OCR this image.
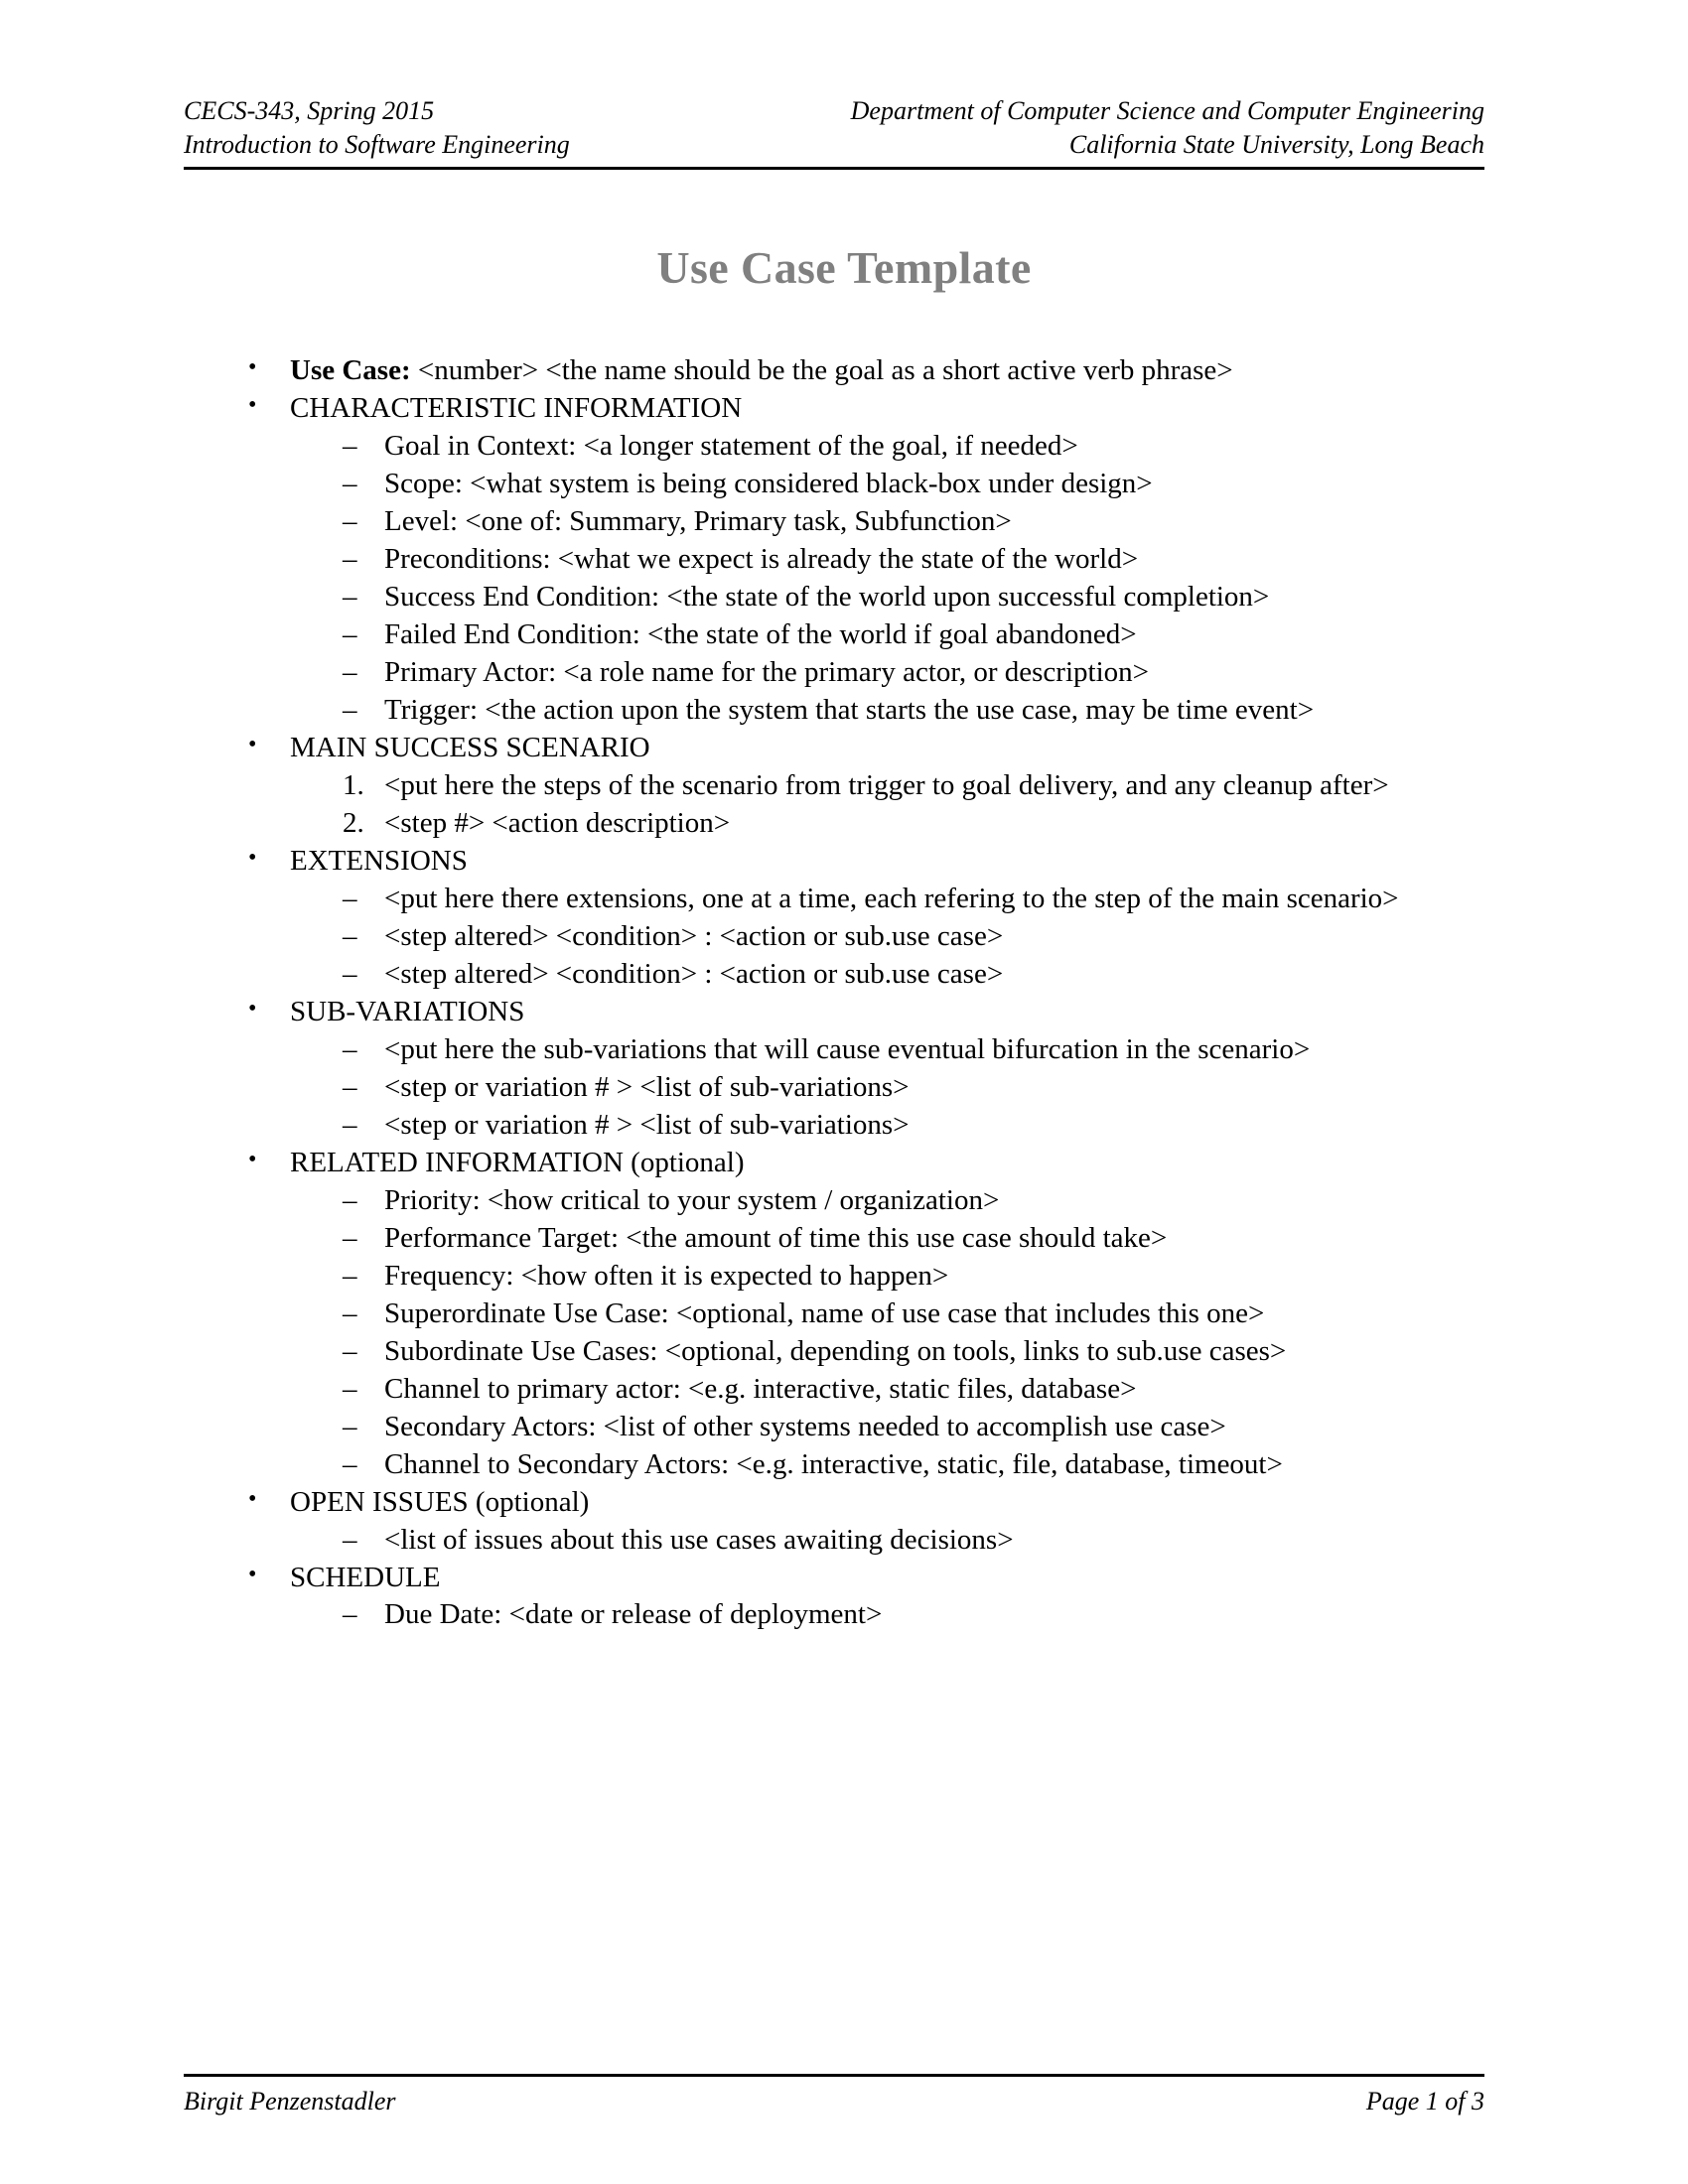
CECS-343, Spring 2015	Department of Computer Science and Computer Engineering
Introduction to Software Engineering	California State University, Long Beach
Use Case Template
•	Use Case: <number> <the name should be the goal as a short active verb phrase>
•	CHARACTERISTIC INFORMATION
– Goal in Context: <a longer statement of the goal, if needed>
– Scope: <what system is being considered black-box under design>
– Level: <one of: Summary, Primary task, Subfunction>
– Preconditions: <what we expect is already the state of the world>
– Success End Condition: <the state of the world upon successful completion>
– Failed End Condition: <the state of the world if goal abandoned>
– Primary Actor: <a role name for the primary actor, or description>
– Trigger: <the action upon the system that starts the use case, may be time event>
•	MAIN SUCCESS SCENARIO
1. <put here the steps of the scenario from trigger to goal delivery, and any cleanup after>
2. <step #> <action description>
•	EXTENSIONS
– <put here there extensions, one at a time, each refering to the step of the main scenario>
– <step altered> <condition> : <action or sub.use case>
– <step altered> <condition> : <action or sub.use case>
•	SUB-VARIATIONS
– <put here the sub-variations that will cause eventual bifurcation in the scenario>
– <step or variation # > <list of sub-variations>
– <step or variation # > <list of sub-variations>
•	RELATED INFORMATION (optional)
– Priority: <how critical to your system / organization>
– Performance Target: <the amount of time this use case should take>
– Frequency: <how often it is expected to happen>
– Superordinate Use Case: <optional, name of use case that includes this one>
– Subordinate Use Cases: <optional, depending on tools, links to sub.use cases>
– Channel to primary actor: <e.g. interactive, static files, database>
– Secondary Actors: <list of other systems needed to accomplish use case>
– Channel to Secondary Actors: <e.g. interactive, static, file, database, timeout>
•	OPEN ISSUES (optional)
– <list of issues about this use cases awaiting decisions>
•	SCHEDULE
– Due Date: <date or release of deployment>
Birgit Penzenstadler	Page 1 of 3
